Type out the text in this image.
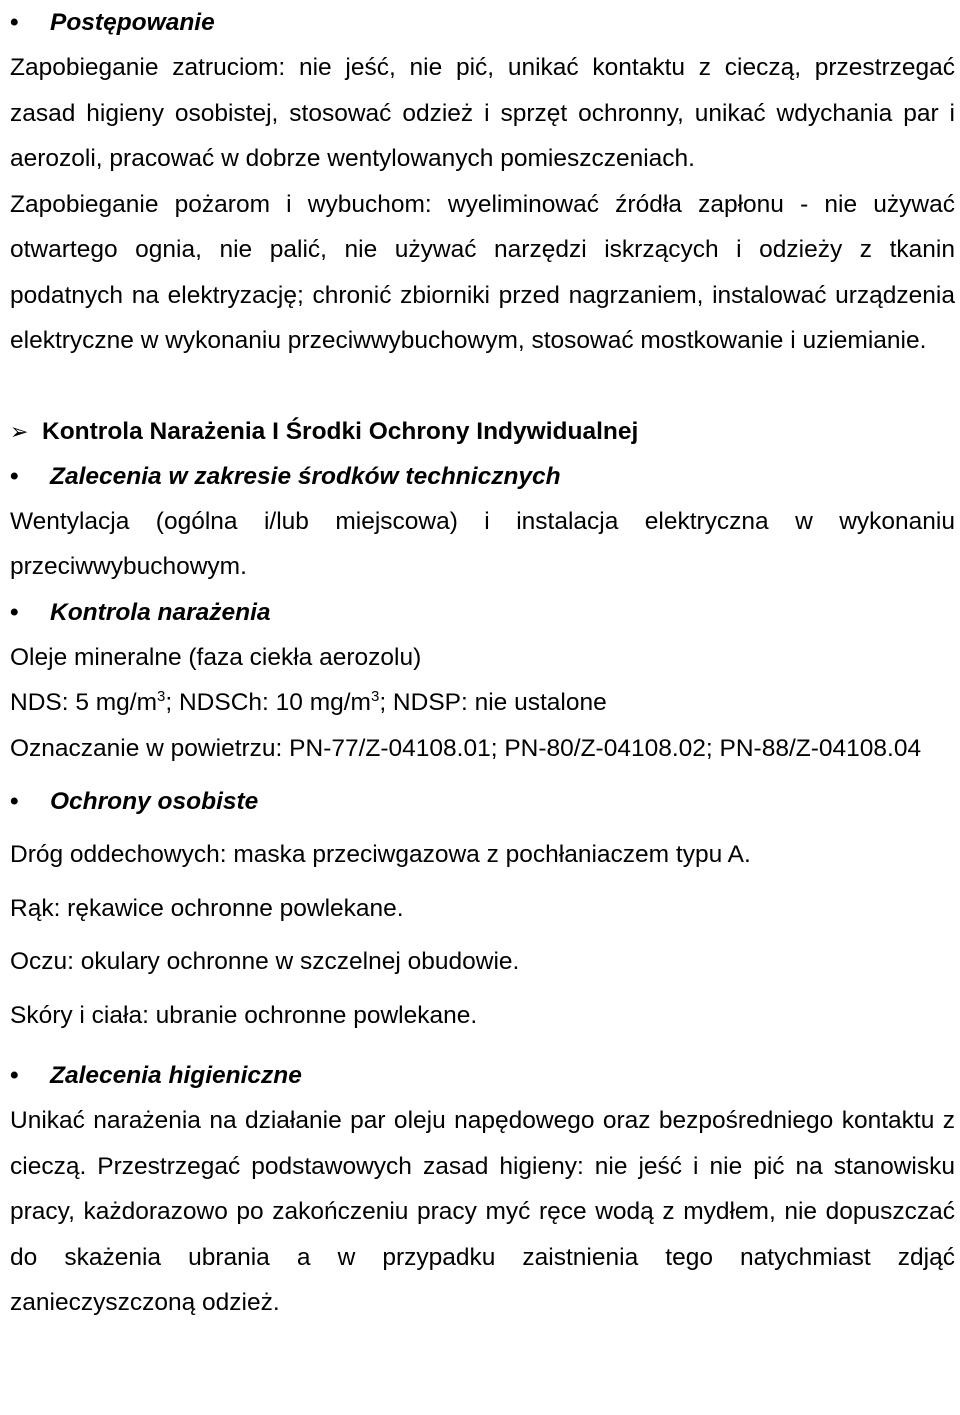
•	Postępowanie

Zapobieganie zatruciom: nie jeść, nie pić, unikać kontaktu z cieczą, przestrzegać zasad higieny osobistej, stosować odzież i sprzęt ochronny, unikać wdychania par i aerozoli, pracować w dobrze wentylowanych pomieszczeniach.

Zapobieganie pożarom i wybuchom: wyeliminować źródła zapłonu - nie używać otwartego ognia, nie palić, nie używać narzędzi iskrzących i odzieży z tkanin podatnych na elektryzację; chronić zbiorniki przed nagrzaniem, instalować urządzenia elektryczne w wykonaniu przeciwwybuchowym, stosować mostkowanie i uziemianie.

➢ Kontrola Narażenia I Środki Ochrony Indywidualnej
•	Zalecenia w zakresie środków technicznych

Wentylacja (ogólna i/lub miejscowa) i instalacja elektryczna w wykonaniu przeciwwybuchowym.

•	Kontrola narażenia

Oleje mineralne (faza ciekła aerozolu)

NDS: 5 $mg/m^3$; NDSCh: 10 $mg/m^3$; NDSP: nie ustalone

Oznaczanie w powietrzu: PN-77/Z-04108.01; PN-80/Z-04108.02; PN-88/Z-04108.04

•	Ochrony osobiste

Dróg oddechowych: maska przeciwgazowa z pochłaniaczem typu A.

Rąk: rękawice ochronne powlekane.

Oczu: okulary ochronne w szczelnej obudowie.

Skóry i ciała: ubranie ochronne powlekane.

•	Zalecenia higieniczne

Unikać narażenia na działanie par oleju napędowego oraz bezpośredniego kontaktu z cieczą. Przestrzegać podstawowych zasad higieny: nie jeść i nie pić na stanowisku pracy, każdorazowo po zakończeniu pracy myć ręce wodą z mydłem, nie dopuszczać do skażenia ubrania a w przypadku zaistnienia tego natychmiast zdjąć zanieczyszczoną odzież.
